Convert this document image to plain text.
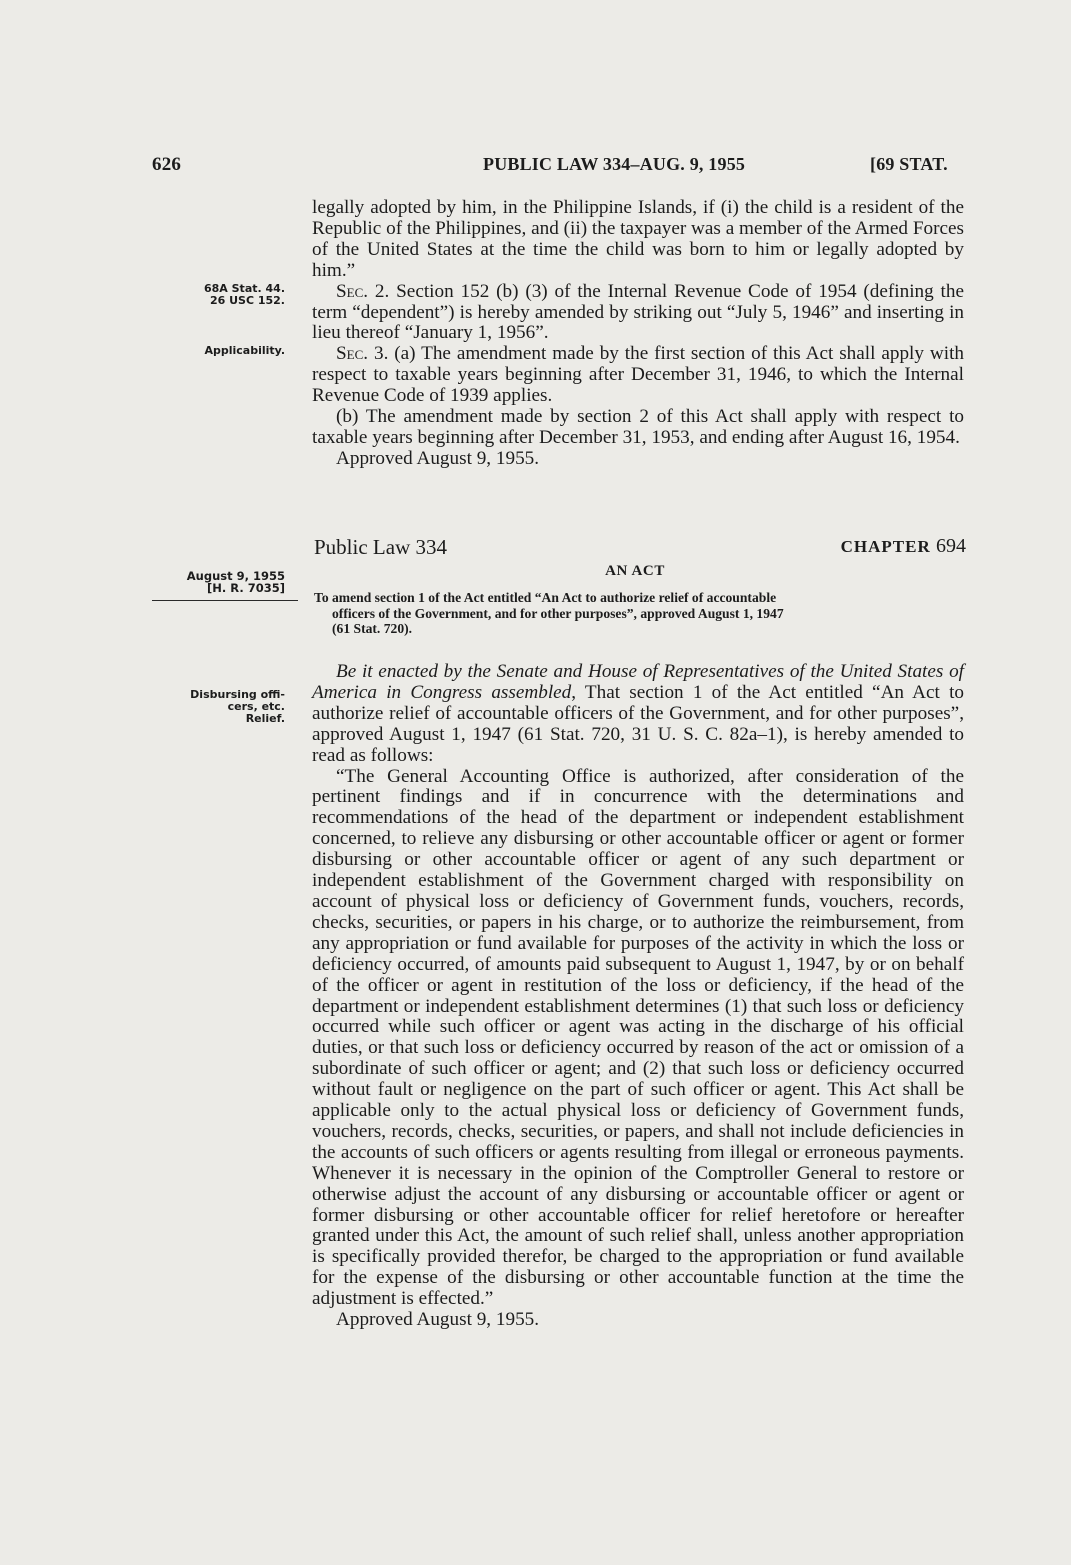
626	PUBLIC LAW 334–AUG. 9, 1955	[69 STAT.
68A Stat. 44.
26 USC 152.
Applicability.
August 9, 1955
[H. R. 7035]
Disbursing offi-
cers, etc.
Relief.

legally adopted by him, in the Philippine Islands, if (i) the child is a resident of the Republic of the Philippines, and (ii) the taxpayer was a member of the Armed Forces of the United States at the time the child was born to him or legally adopted by him.”

Sec. 2. Section 152 (b) (3) of the Internal Revenue Code of 1954 (defining the term “dependent”) is hereby amended by striking out “July 5, 1946” and inserting in lieu thereof “January 1, 1956”.

Sec. 3. (a) The amendment made by the first section of this Act shall apply with respect to taxable years beginning after December 31, 1946, to which the Internal Revenue Code of 1939 applies.

(b) The amendment made by section 2 of this Act shall apply with respect to taxable years beginning after December 31, 1953, and ending after August 16, 1954.

Approved August 9, 1955.

Public Law 334	CHAPTER 694
AN ACT

To amend section 1 of the Act entitled “An Act to authorize relief of accountable

officers of the Government, and for other purposes”, approved August 1, 1947

(61 Stat. 720).

Be it enacted by the Senate and House of Representatives of the United States of America in Congress assembled, That section 1 of the Act entitled “An Act to authorize relief of accountable officers of the Government, and for other purposes”, approved August 1, 1947 (61 Stat. 720, 31 U. S. C. 82a–1), is hereby amended to read as follows:

“The General Accounting Office is authorized, after consideration of the pertinent findings and if in concurrence with the determinations and recommendations of the head of the department or independent establishment concerned, to relieve any disbursing or other accountable officer or agent or former disbursing or other accountable officer or agent of any such department or independent establishment of the Government charged with responsibility on account of physical loss or deficiency of Government funds, vouchers, records, checks, securities, or papers in his charge, or to authorize the reimbursement, from any appropriation or fund available for purposes of the activity in which the loss or deficiency occurred, of amounts paid subsequent to August 1, 1947, by or on behalf of the officer or agent in restitution of the loss or deficiency, if the head of the department or independent establishment determines (1) that such loss or deficiency occurred while such officer or agent was acting in the discharge of his official duties, or that such loss or deficiency occurred by reason of the act or omission of a subordinate of such officer or agent; and (2) that such loss or deficiency occurred without fault or negligence on the part of such officer or agent. This Act shall be applicable only to the actual physical loss or deficiency of Government funds, vouchers, records, checks, securities, or papers, and shall not include deficiencies in the accounts of such officers or agents resulting from illegal or erroneous payments. Whenever it is necessary in the opinion of the Comptroller General to restore or otherwise adjust the account of any disbursing or accountable officer or agent or former disbursing or other accountable officer for relief heretofore or hereafter granted under this Act, the amount of such relief shall, unless another appropriation is specifically provided therefor, be charged to the appropriation or fund available for the expense of the disbursing or other accountable function at the time the adjustment is effected.”

Approved August 9, 1955.
